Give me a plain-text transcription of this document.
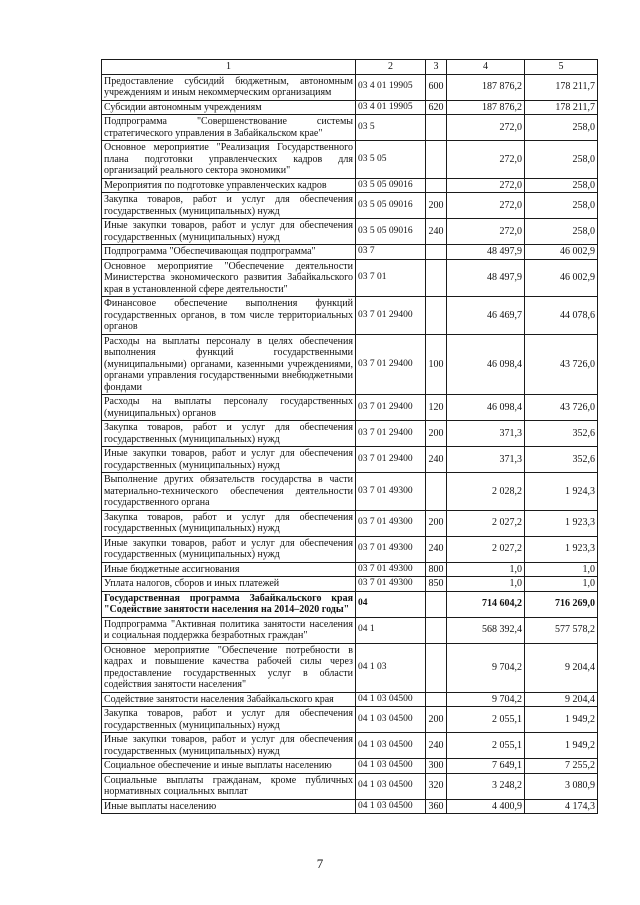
1	2	3	4	5
Предоставление субсидий бюджетным, автономным учреждениям и иным некоммерческим организациям	03 4 01 19905	600	187 876,2	178 211,7
Субсидии автономным учреждениям	03 4 01 19905	620	187 876,2	178 211,7
Подпрограмма "Совершенствование системы стратегического управления в Забайкальском крае"	03 5		272,0	258,0
Основное мероприятие "Реализация Государственного плана подготовки управленческих кадров для организаций реального сектора экономики"	03 5 05		272,0	258,0
Мероприятия по подготовке управленческих кадров	03 5 05 09016		272,0	258,0
Закупка товаров, работ и услуг для обеспечения государственных (муниципальных) нужд	03 5 05 09016	200	272,0	258,0
Иные закупки товаров, работ и услуг для обеспечения государственных (муниципальных) нужд	03 5 05 09016	240	272,0	258,0
Подпрограмма "Обеспечивающая подпрограмма"	03 7		48 497,9	46 002,9
Основное мероприятие "Обеспечение деятельности Министерства экономического развития Забайкальского края в установленной сфере деятельности"	03 7 01		48 497,9	46 002,9
Финансовое обеспечение выполнения функций государственных органов, в том числе территориальных органов	03 7 01 29400		46 469,7	44 078,6
Расходы на выплаты персоналу в целях обеспечения выполнения функций государственными (муниципальными) органами, казенными учреждениями, органами управления государственными внебюджетными фондами	03 7 01 29400	100	46 098,4	43 726,0
Расходы на выплаты персоналу государственных (муниципальных) органов	03 7 01 29400	120	46 098,4	43 726,0
Закупка товаров, работ и услуг для обеспечения государственных (муниципальных) нужд	03 7 01 29400	200	371,3	352,6
Иные закупки товаров, работ и услуг для обеспечения государственных (муниципальных) нужд	03 7 01 29400	240	371,3	352,6
Выполнение других обязательств государства в части материально-технического обеспечения деятельности государственного органа	03 7 01 49300		2 028,2	1 924,3
Закупка товаров, работ и услуг для обеспечения государственных (муниципальных) нужд	03 7 01 49300	200	2 027,2	1 923,3
Иные закупки товаров, работ и услуг для обеспечения государственных (муниципальных) нужд	03 7 01 49300	240	2 027,2	1 923,3
Иные бюджетные ассигнования	03 7 01 49300	800	1,0	1,0
Уплата налогов, сборов и иных платежей	03 7 01 49300	850	1,0	1,0
Государственная программа Забайкальского края "Содействие занятости населения на 2014–2020 годы"	04		714 604,2	716 269,0
Подпрограмма "Активная политика занятости населения и социальная поддержка безработных граждан"	04 1		568 392,4	577 578,2
Основное мероприятие "Обеспечение потребности в кадрах и повышение качества рабочей силы через предоставление государственных услуг в области содействия занятости населения"	04 1 03		9 704,2	9 204,4
Содействие занятости населения Забайкальского края	04 1 03 04500		9 704,2	9 204,4
Закупка товаров, работ и услуг для обеспечения государственных (муниципальных) нужд	04 1 03 04500	200	2 055,1	1 949,2
Иные закупки товаров, работ и услуг для обеспечения государственных (муниципальных) нужд	04 1 03 04500	240	2 055,1	1 949,2
Социальное обеспечение и иные выплаты населению	04 1 03 04500	300	7 649,1	7 255,2
Социальные выплаты гражданам, кроме публичных нормативных социальных выплат	04 1 03 04500	320	3 248,2	3 080,9
Иные выплаты населению	04 1 03 04500	360	4 400,9	4 174,3
7
